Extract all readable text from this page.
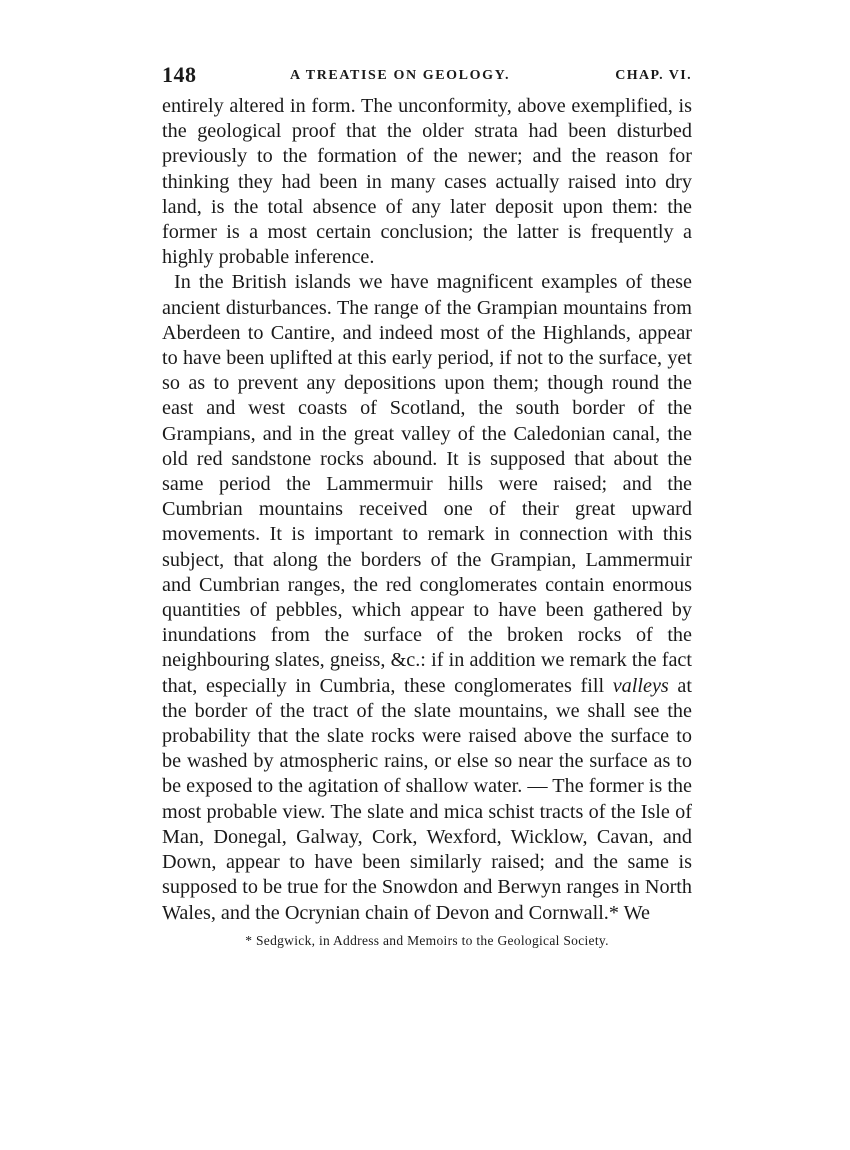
148	A TREATISE ON GEOLOGY.	CHAP. VI.

entirely altered in form. The unconformity, above exemplified, is the geological proof that the older strata had been disturbed previously to the formation of the newer; and the reason for thinking they had been in many cases actually raised into dry land, is the total absence of any later deposit upon them: the former is a most certain conclusion; the latter is frequently a highly probable inference.

In the British islands we have magnificent examples of these ancient disturbances. The range of the Grampian mountains from Aberdeen to Cantire, and indeed most of the Highlands, appear to have been uplifted at this early period, if not to the surface, yet so as to prevent any depositions upon them; though round the east and west coasts of Scotland, the south border of the Grampians, and in the great valley of the Caledonian canal, the old red sandstone rocks abound. It is supposed that about the same period the Lammermuir hills were raised; and the Cumbrian mountains received one of their great upward movements. It is important to remark in connection with this subject, that along the borders of the Grampian, Lammermuir and Cumbrian ranges, the red conglomerates contain enormous quantities of pebbles, which appear to have been gathered by inundations from the surface of the broken rocks of the neighbouring slates, gneiss, &c.: if in addition we remark the fact that, especially in Cumbria, these conglomerates fill valleys at the border of the tract of the slate mountains, we shall see the probability that the slate rocks were raised above the surface to be washed by atmospheric rains, or else so near the surface as to be exposed to the agitation of shallow water. — The former is the most probable view. The slate and mica schist tracts of the Isle of Man, Donegal, Galway, Cork, Wexford, Wicklow, Cavan, and Down, appear to have been similarly raised; and the same is supposed to be true for the Snowdon and Berwyn ranges in North Wales, and the Ocrynian chain of Devon and Cornwall.* We

* Sedgwick, in Address and Memoirs to the Geological Society.
